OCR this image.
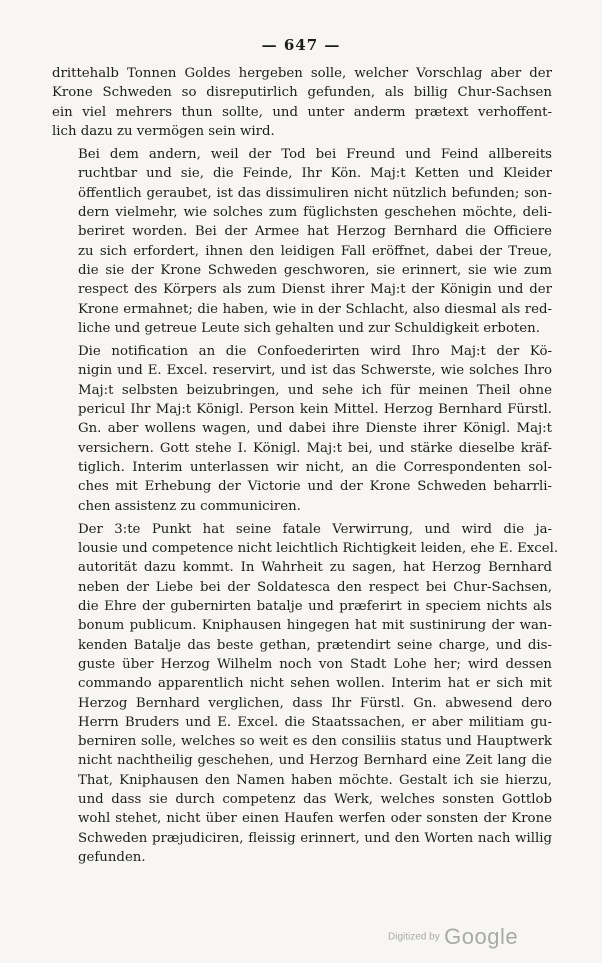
— 647 —

drittehalb Tonnen Goldes hergeben solle, welcher Vorschlag aber der
Krone Schweden so disreputirlich gefunden, als billig Chur-Sachsen
ein viel mehrers thun sollte, und unter anderm prætext verhoffent-
lich dazu zu vermögen sein wird.

Bei dem andern, weil der Tod bei Freund und Feind allbereits
ruchtbar und sie, die Feinde, Ihr Kön. Maj:t Ketten und Kleider
öffentlich geraubet, ist das dissimuliren nicht nützlich befunden; son-
dern vielmehr, wie solches zum füglichsten geschehen möchte, deli-
beriret worden. Bei der Armee hat Herzog Bernhard die Officiere
zu sich erfordert, ihnen den leidigen Fall eröffnet, dabei der Treue,
die sie der Krone Schweden geschworen, sie erinnert, sie wie zum
respect des Körpers als zum Dienst ihrer Maj:t der Königin und der
Krone ermahnet; die haben, wie in der Schlacht, also diesmal als red-
liche und getreue Leute sich gehalten und zur Schuldigkeit erboten.

Die notification an die Confoederirten wird Ihro Maj:t der Kö-
nigin und E. Excel. reservirt, und ist das Schwerste, wie solches Ihro
Maj:t selbsten beizubringen, und sehe ich für meinen Theil ohne
pericul Ihr Maj:t Königl. Person kein Mittel. Herzog Bernhard Fürstl.
Gn. aber wollens wagen, und dabei ihre Dienste ihrer Königl. Maj:t
versichern. Gott stehe I. Königl. Maj:t bei, und stärke dieselbe kräf-
tiglich. Interim unterlassen wir nicht, an die Correspondenten sol-
ches mit Erhebung der Victorie und der Krone Schweden beharrli-
chen assistenz zu communiciren.

Der 3:te Punkt hat seine fatale Verwirrung, und wird die ja-
lousie und competence nicht leichtlich Richtigkeit leiden, ehe E. Excel.
autorität dazu kommt. In Wahrheit zu sagen, hat Herzog Bernhard
neben der Liebe bei der Soldatesca den respect bei Chur-Sachsen,
die Ehre der gubernirten batalje und præferirt in speciem nichts als
bonum publicum. Kniphausen hingegen hat mit sustinirung der wan-
kenden Batalje das beste gethan, prætendirt seine charge, und dis-
guste über Herzog Wilhelm noch von Stadt Lohe her; wird dessen
commando apparentlich nicht sehen wollen. Interim hat er sich mit
Herzog Bernhard verglichen, dass Ihr Fürstl. Gn. abwesend dero
Herrn Bruders und E. Excel. die Staatssachen, er aber militiam gu-
berniren solle, welches so weit es den consiliis status und Hauptwerk
nicht nachtheilig geschehen, und Herzog Bernhard eine Zeit lang die
That, Kniphausen den Namen haben möchte. Gestalt ich sie hierzu,
und dass sie durch competenz das Werk, welches sonsten Gottlob
wohl stehet, nicht über einen Haufen werfen oder sonsten der Krone
Schweden præjudiciren, fleissig erinnert, und den Worten nach willig
gefunden.

Digitized by Google
